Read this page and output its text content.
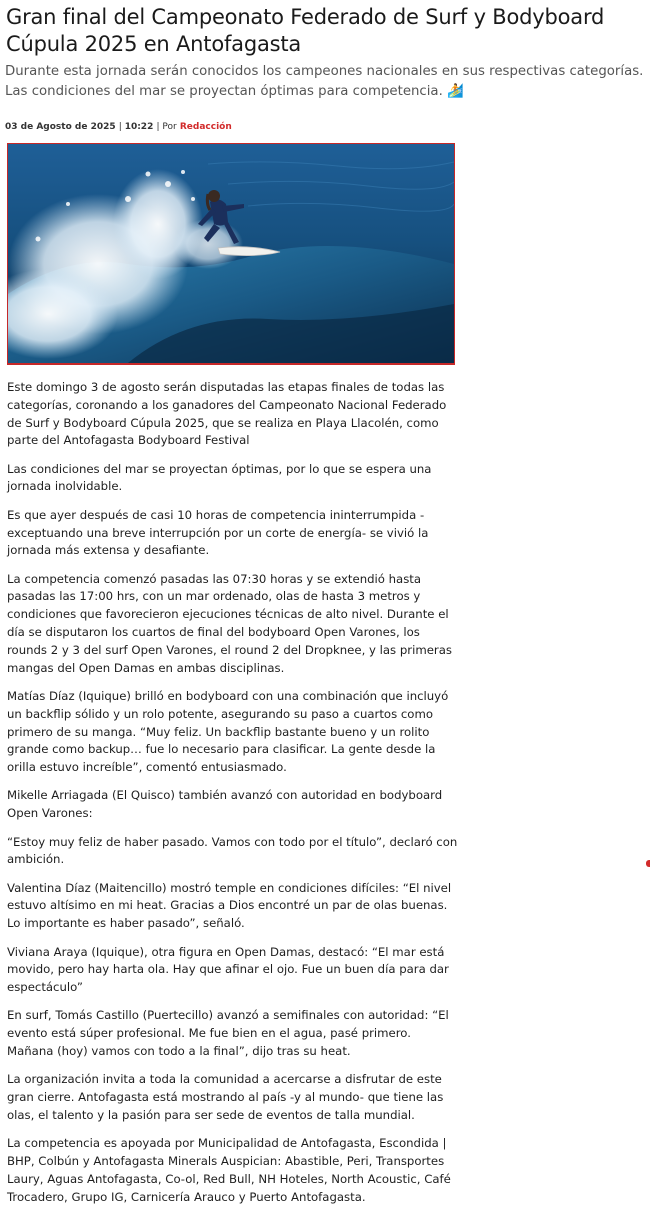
Gran final del Campeonato Federado de Surf y Bodyboard Cúpula 2025 en Antofagasta

Durante esta jornada serán conocidos los campeones nacionales en sus respectivas categorías. Las condiciones del mar se proyectan óptimas para competencia. 🏄

03 de Agosto de 2025 | 10:22 | Por Redacción

Este domingo 3 de agosto serán disputadas las etapas finales de todas las categorías, coronando a los ganadores del Campeonato Nacional Federado de Surf y Bodyboard Cúpula 2025, que se realiza en Playa Llacolén, como parte del Antofagasta Bodyboard Festival

Las condiciones del mar se proyectan óptimas, por lo que se espera una jornada inolvidable.

Es que ayer después de casi 10 horas de competencia ininterrumpida -exceptuando una breve interrupción por un corte de energía- se vivió la jornada más extensa y desafiante.

La competencia comenzó pasadas las 07:30 horas y se extendió hasta pasadas las 17:00 hrs, con un mar ordenado, olas de hasta 3 metros y condiciones que favorecieron ejecuciones técnicas de alto nivel. Durante el día se disputaron los cuartos de final del bodyboard Open Varones, los rounds 2 y 3 del surf Open Varones, el round 2 del Dropknee, y las primeras mangas del Open Damas en ambas disciplinas.

Matías Díaz (Iquique) brilló en bodyboard con una combinación que incluyó un backflip sólido y un rolo potente, asegurando su paso a cuartos como primero de su manga. “Muy feliz. Un backflip bastante bueno y un rolito grande como backup… fue lo necesario para clasificar. La gente desde la orilla estuvo increíble”, comentó entusiasmado.

Mikelle Arriagada (El Quisco) también avanzó con autoridad en bodyboard Open Varones:

“Estoy muy feliz de haber pasado. Vamos con todo por el título”, declaró con ambición.

Valentina Díaz (Maitencillo) mostró temple en condiciones difíciles: “El nivel estuvo altísimo en mi heat. Gracias a Dios encontré un par de olas buenas. Lo importante es haber pasado”, señaló.

Viviana Araya (Iquique), otra figura en Open Damas, destacó: “El mar está movido, pero hay harta ola. Hay que afinar el ojo. Fue un buen día para dar espectáculo”

En surf, Tomás Castillo (Puertecillo) avanzó a semifinales con autoridad: “El evento está súper profesional. Me fue bien en el agua, pasé primero. Mañana (hoy) vamos con todo a la final”, dijo tras su heat.

La organización invita a toda la comunidad a acercarse a disfrutar de este gran cierre. Antofagasta está mostrando al país -y al mundo- que tiene las olas, el talento y la pasión para ser sede de eventos de talla mundial.

La competencia es apoyada por Municipalidad de Antofagasta, Escondida | BHP, Colbún y Antofagasta Minerals Auspician: Abastible, Peri, Transportes Laury, Aguas Antofagasta, Co-ol, Red Bull, NH Hoteles, North Acoustic, Café Trocadero, Grupo IG, Carnicería Arauco y Puerto Antofagasta.
